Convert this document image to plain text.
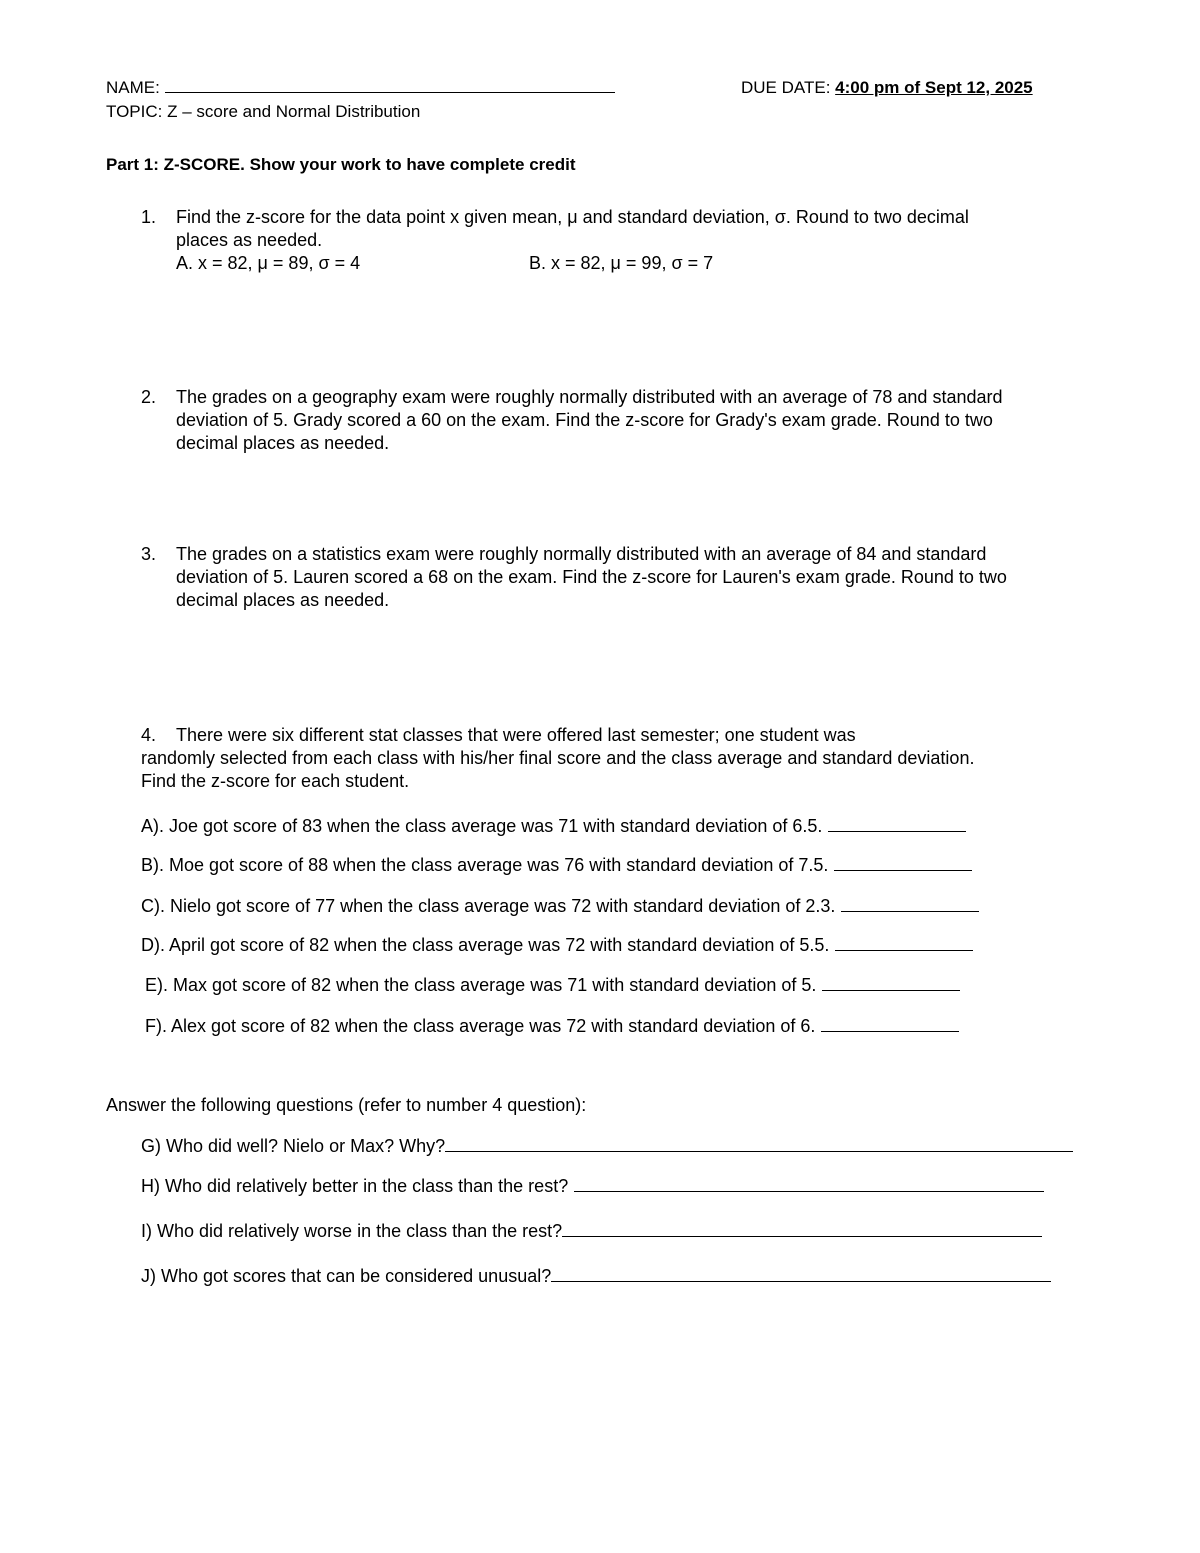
NAME:	DUE DATE: 4:00 pm of Sept 12, 2025
TOPIC: Z – score and Normal Distribution
Part 1: Z-SCORE. Show your work to have complete credit
1. Find the z-score for the data point x given mean, μ and standard deviation, σ. Round to two decimal
places as needed.
A. x = 82, μ = 89, σ = 4	B. x = 82, μ = 99, σ = 7
2. The grades on a geography exam were roughly normally distributed with an average of 78 and standard
deviation of 5. Grady scored a 60 on the exam. Find the z-score for Grady's exam grade. Round to two
decimal places as needed.
3. The grades on a statistics exam were roughly normally distributed with an average of 84 and standard
deviation of 5. Lauren scored a 68 on the exam. Find the z-score for Lauren's exam grade. Round to two
decimal places as needed.
4. There were six different stat classes that were offered last semester; one student was
randomly selected from each class with his/her final score and the class average and standard deviation.
Find the z-score for each student.
A). Joe got score of 83 when the class average was 71 with standard deviation of 6.5.
B). Moe got score of 88 when the class average was 76 with standard deviation of 7.5.
C). Nielo got score of 77 when the class average was 72 with standard deviation of 2.3.
D). April got score of 82 when the class average was 72 with standard deviation of 5.5.
E). Max got score of 82 when the class average was 71 with standard deviation of 5.
F). Alex got score of 82 when the class average was 72 with standard deviation of 6.
Answer the following questions (refer to number 4 question):
G) Who did well? Nielo or Max? Why?
H) Who did relatively better in the class than the rest?
I) Who did relatively worse in the class than the rest?
J) Who got scores that can be considered unusual?
